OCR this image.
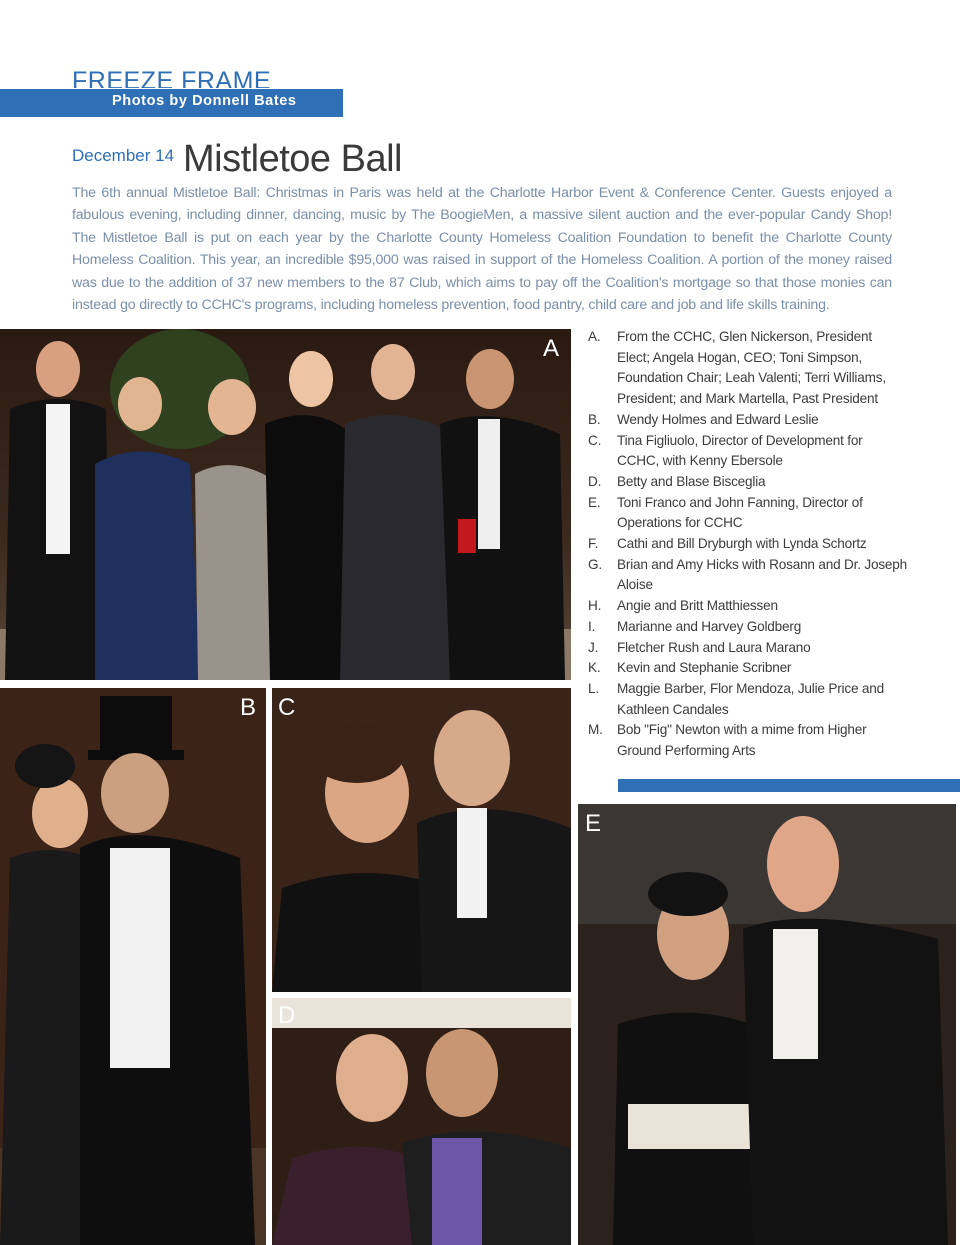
FREEZE FRAME
Photos by Donnell Bates
December 14 Mistletoe Ball

The 6th annual Mistletoe Ball: Christmas in Paris was held at the Charlotte Harbor Event & Conference Center. Guests enjoyed a fabulous evening, including dinner, dancing, music by The BoogieMen, a massive silent auction and the ever-popular Candy Shop! The Mistletoe Ball is put on each year by the Charlotte County Homeless Coalition Foundation to benefit the Charlotte County Homeless Coalition. This year, an incredible $95,000 was raised in support of the Homeless Coalition. A portion of the money raised was due to the addition of 37 new members to the 87 Club, which aims to pay off the Coalition's mortgage so that those monies can instead go directly to CCHC's programs, including homeless prevention, food pantry, child care and job and life skills training.

A
B C
D
E
A.	From the CCHC, Glen Nickerson, President Elect; Angela Hogan, CEO; Toni Simpson, Foundation Chair; Leah Valenti; Terri Williams, President; and Mark Martella, Past President
B.	Wendy Holmes and Edward Leslie
C.	Tina Figliuolo, Director of Development for CCHC, with Kenny Ebersole
D.	Betty and Blase Bisceglia
E.	Toni Franco and John Fanning, Director of Operations for CCHC
F.	Cathi and Bill Dryburgh with Lynda Schortz
G.	Brian and Amy Hicks with Rosann and Dr. Joseph Aloise
H.	Angie and Britt Matthiessen
I.	Marianne and Harvey Goldberg
J.	Fletcher Rush and Laura Marano
K.	Kevin and Stephanie Scribner
L.	Maggie Barber, Flor Mendoza, Julie Price and Kathleen Candales
M.	Bob "Fig" Newton with a mime from Higher Ground Performing Arts
